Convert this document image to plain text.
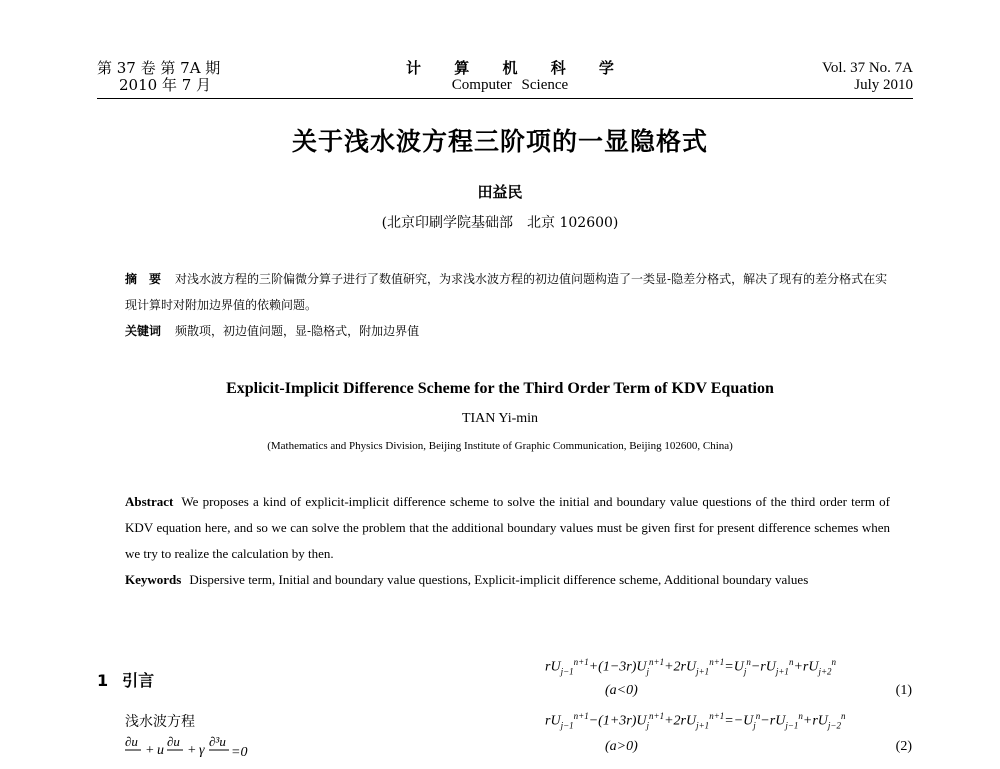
第 37 卷 第 7A 期
2010 年 7 月
计 算 机 科 学
Computer Science
Vol. 37 No. 7A
July 2010
关于浅水波方程三阶项的一显隐格式
田益民
(北京印刷学院基础部　北京 102600)
摘　要 对浅水波方程的三阶偏微分算子进行了数值研究，为求浅水波方程的初边值问题构造了一类显-隐差分格式，解决了现有的差分格式在实现计算时对附加边界值的依赖问题。
关键词 频散项，初边值问题，显-隐格式，附加边界值
Explicit-Implicit Difference Scheme for the Third Order Term of KDV Equation
TIAN Yi-min
(Mathematics and Physics Division, Beijing Institute of Graphic Communication, Beijing 102600, China)
Abstract We proposes a kind of explicit-implicit difference scheme to solve the initial and boundary value questions of the third order term of KDV equation here, and so we can solve the problem that the additional boundary values must be given first for present difference schemes when we try to realize the calculation by then.
Keywords Dispersive term, Initial and boundary value questions, Explicit-implicit difference scheme, Additional boundary values
1 引言
浅水波方程
∂u
+ u
∂u
+ γ
∂³u
=0
$rU_{j-1}^{n+1}+(1-3r)U_j^{n+1}+2rU_{j+1}^{n+1}=U_j^n-rU_{j+1}^n+rU_{j+2}^n$
(a<0)	(1)
$rU_{j-1}^{n+1}-(1+3r)U_j^{n+1}+2rU_{j+1}^{n+1}=-U_j^n-rU_{j-1}^n+rU_{j-2}^n$
(a>0)	(2)
